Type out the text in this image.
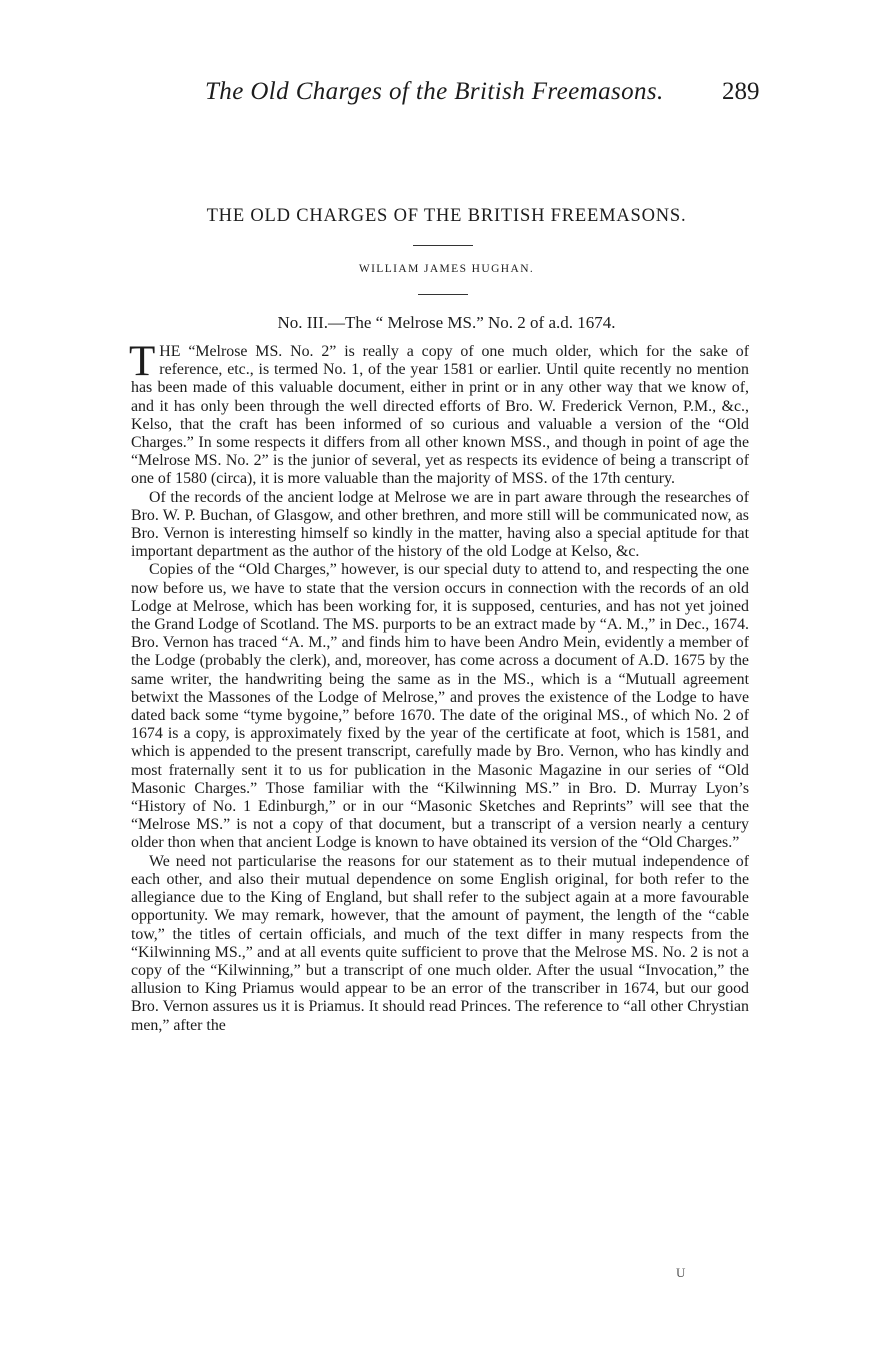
The Old Charges of the British Freemasons. 289
THE OLD CHARGES OF THE BRITISH FREEMASONS.
WILLIAM JAMES HUGHAN.
No. III.—The “ Melrose MS.” No. 2 of a.d. 1674.

THE “Melrose MS. No. 2” is really a copy of one much older, which for the sake of reference, etc., is termed No. 1, of the year 1581 or earlier. Until quite recently no mention has been made of this valuable document, either in print or in any other way that we know of, and it has only been through the well directed efforts of Bro. W. Frederick Vernon, P.M., &c., Kelso, that the craft has been informed of so curious and valuable a version of the “Old Charges.” In some respects it differs from all other known MSS., and though in point of age the “Melrose MS. No. 2” is the junior of several, yet as respects its evidence of being a transcript of one of 1580 (circa), it is more valuable than the majority of MSS. of the 17th century.

Of the records of the ancient lodge at Melrose we are in part aware through the researches of Bro. W. P. Buchan, of Glasgow, and other brethren, and more still will be communicated now, as Bro. Vernon is interesting himself so kindly in the matter, having also a special aptitude for that important department as the author of the history of the old Lodge at Kelso, &c.

Copies of the “Old Charges,” however, is our special duty to attend to, and respecting the one now before us, we have to state that the version occurs in connection with the records of an old Lodge at Melrose, which has been working for, it is supposed, centuries, and has not yet joined the Grand Lodge of Scotland. The MS. purports to be an extract made by “A. M.,” in Dec., 1674. Bro. Vernon has traced “A. M.,” and finds him to have been Andro Mein, evidently a member of the Lodge (probably the clerk), and, moreover, has come across a document of A.D. 1675 by the same writer, the handwriting being the same as in the MS., which is a “Mutuall agreement betwixt the Massones of the Lodge of Melrose,” and proves the existence of the Lodge to have dated back some “tyme bygoine,” before 1670. The date of the original MS., of which No. 2 of 1674 is a copy, is approximately fixed by the year of the certificate at foot, which is 1581, and which is appended to the present transcript, carefully made by Bro. Vernon, who has kindly and most fraternally sent it to us for publication in the Masonic Magazine in our series of “Old Masonic Charges.” Those familiar with the “Kilwinning MS.” in Bro. D. Murray Lyon’s “History of No. 1 Edinburgh,” or in our “Masonic Sketches and Reprints” will see that the “Melrose MS.” is not a copy of that document, but a transcript of a version nearly a century older thon when that ancient Lodge is known to have obtained its version of the “Old Charges.”

We need not particularise the reasons for our statement as to their mutual independence of each other, and also their mutual dependence on some English original, for both refer to the allegiance due to the King of England, but shall refer to the subject again at a more favourable opportunity. We may remark, however, that the amount of payment, the length of the “cable tow,” the titles of certain officials, and much of the text differ in many respects from the “Kilwinning MS.,” and at all events quite sufficient to prove that the Melrose MS. No. 2 is not a copy of the “Kilwinning,” but a transcript of one much older. After the usual “Invocation,” the allusion to King Priamus would appear to be an error of the transcriber in 1674, but our good Bro. Vernon assures us it is Priamus. It should read Princes. The reference to “all other Chrystian men,” after the

U
